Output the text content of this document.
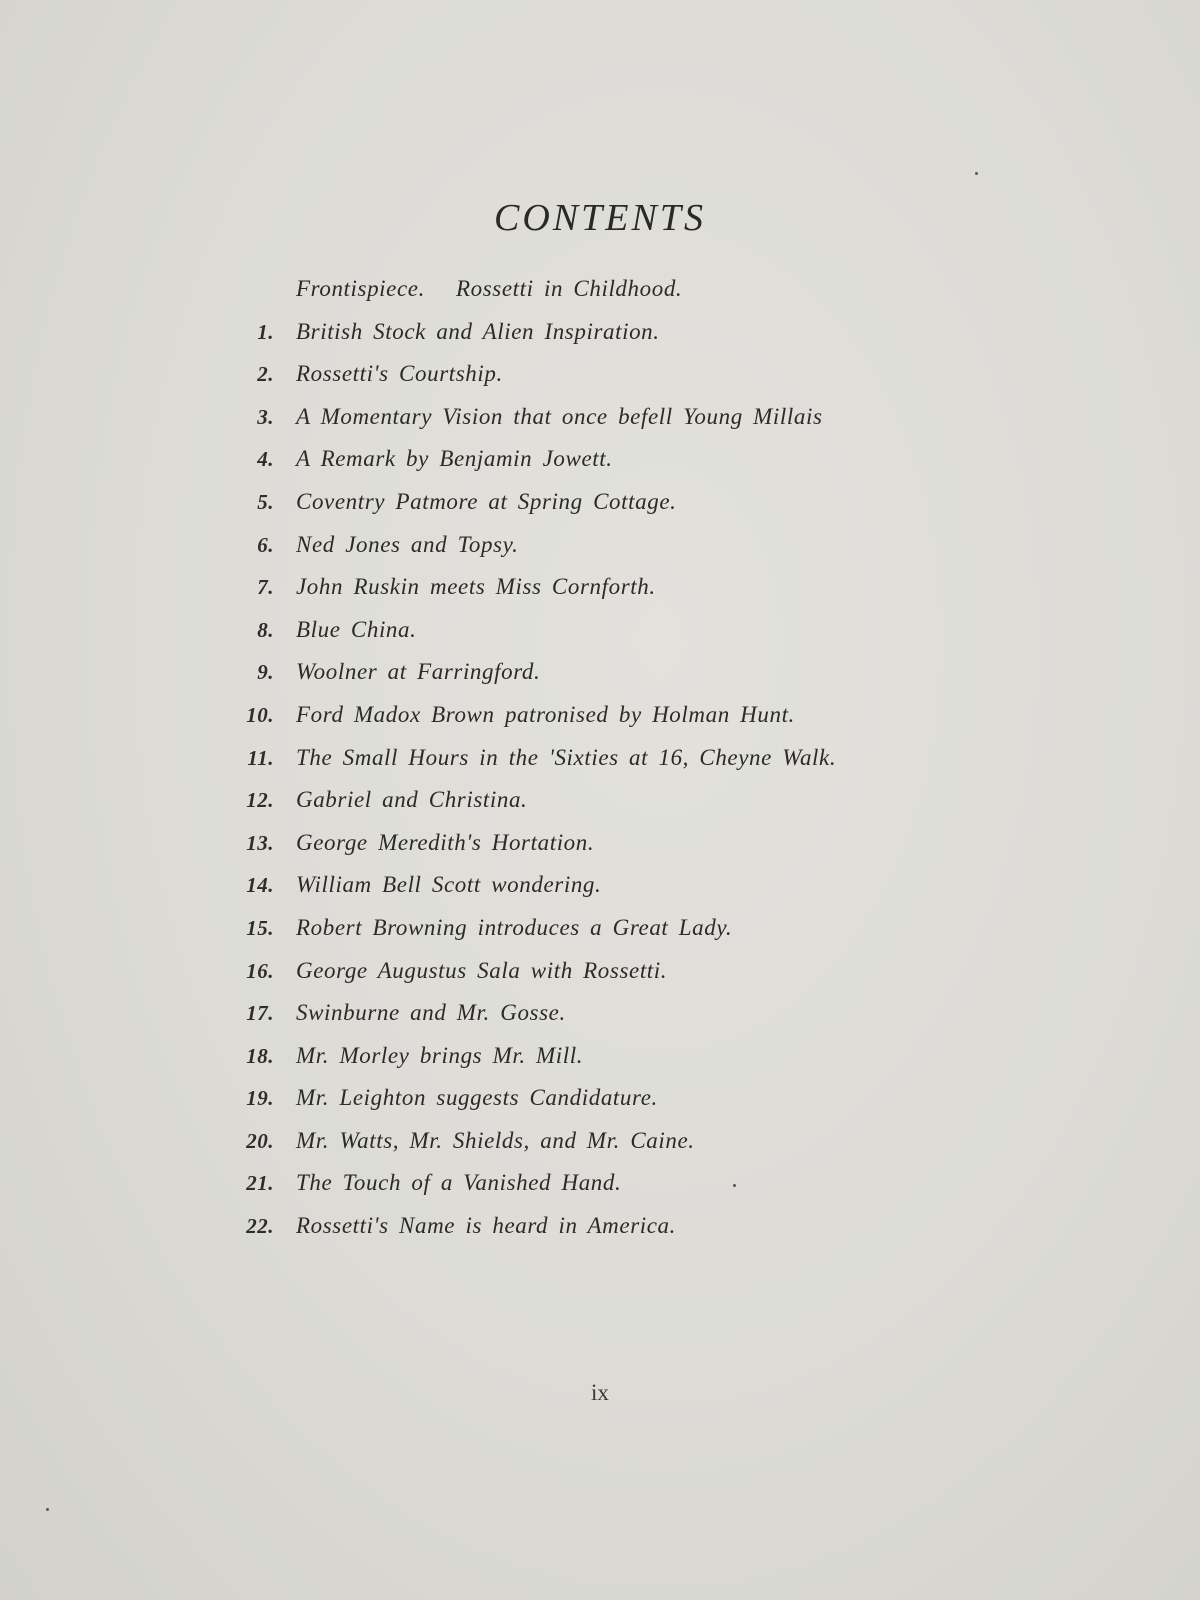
CONTENTS
Frontispiece.   Rossetti in Childhood.
1. British Stock and Alien Inspiration.
2. Rossetti's Courtship.
3. A Momentary Vision that once befell Young Millais
4. A Remark by Benjamin Jowett.
5. Coventry Patmore at Spring Cottage.
6. Ned Jones and Topsy.
7. John Ruskin meets Miss Cornforth.
8. Blue China.
9. Woolner at Farringford.
10. Ford Madox Brown patronised by Holman Hunt.
11. The Small Hours in the 'Sixties at 16, Cheyne Walk.
12. Gabriel and Christina.
13. George Meredith's Hortation.
14. William Bell Scott wondering.
15. Robert Browning introduces a Great Lady.
16. George Augustus Sala with Rossetti.
17. Swinburne and Mr. Gosse.
18. Mr. Morley brings Mr. Mill.
19. Mr. Leighton suggests Candidature.
20. Mr. Watts, Mr. Shields, and Mr. Caine.
21. The Touch of a Vanished Hand.
22. Rossetti's Name is heard in America.
ix
